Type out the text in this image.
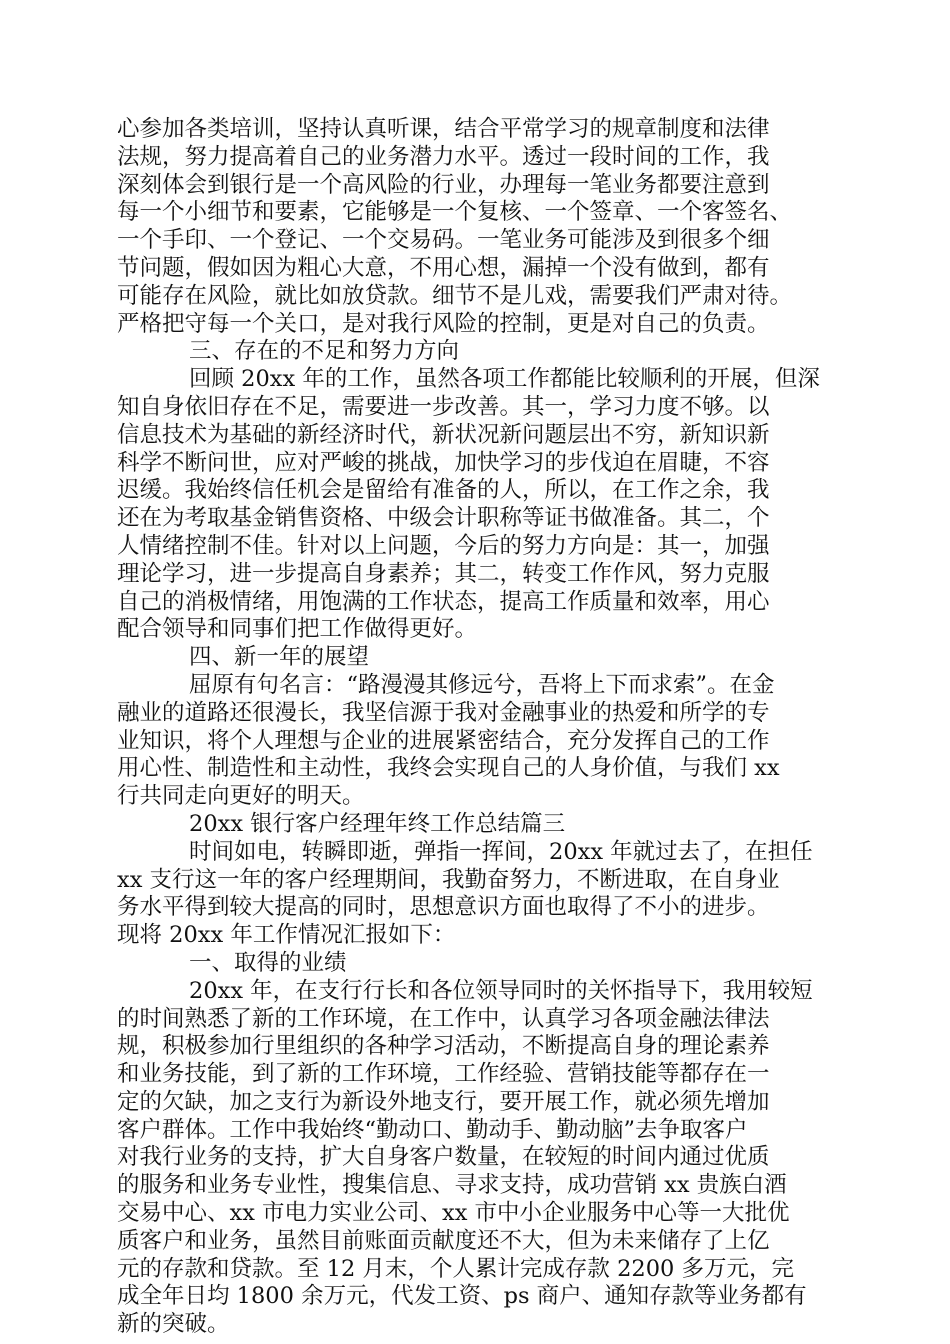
心参加各类培训，坚持认真听课，结合平常学习的规章制度和法律
法规，努力提高着自己的业务潜力水平。透过一段时间的工作，我
深刻体会到银行是一个高风险的行业，办理每一笔业务都要注意到
每一个小细节和要素，它能够是一个复核、一个签章、一个客签名、
一个手印、一个登记、一个交易码。一笔业务可能涉及到很多个细
节问题，假如因为粗心大意，不用心想，漏掉一个没有做到，都有
可能存在风险，就比如放贷款。细节不是儿戏，需要我们严肃对待。
严格把守每一个关口，是对我行风险的控制，更是对自己的负责。
三、存在的不足和努力方向
回顾 20xx 年的工作，虽然各项工作都能比较顺利的开展，但深
知自身依旧存在不足，需要进一步改善。其一，学习力度不够。以
信息技术为基础的新经济时代，新状况新问题层出不穷，新知识新
科学不断问世，应对严峻的挑战，加快学习的步伐迫在眉睫，不容
迟缓。我始终信任机会是留给有准备的人，所以，在工作之余，我
还在为考取基金销售资格、中级会计职称等证书做准备。其二，个
人情绪控制不佳。针对以上问题，今后的努力方向是：其一，加强
理论学习，进一步提高自身素养；其二，转变工作作风，努力克服
自己的消极情绪，用饱满的工作状态，提高工作质量和效率，用心
配合领导和同事们把工作做得更好。
四、新一年的展望
屈原有句名言：“路漫漫其修远兮，吾将上下而求索”。在金
融业的道路还很漫长，我坚信源于我对金融事业的热爱和所学的专
业知识，将个人理想与企业的进展紧密结合，充分发挥自己的工作
用心性、制造性和主动性，我终会实现自己的人身价值，与我们 xx
行共同走向更好的明天。
20xx 银行客户经理年终工作总结篇三
时间如电，转瞬即逝，弹指一挥间，20xx 年就过去了，在担任
xx 支行这一年的客户经理期间，我勤奋努力，不断进取，在自身业
务水平得到较大提高的同时，思想意识方面也取得了不小的进步。
现将 20xx 年工作情况汇报如下：
一、取得的业绩
20xx 年，在支行行长和各位领导同时的关怀指导下，我用较短
的时间熟悉了新的工作环境，在工作中，认真学习各项金融法律法
规，积极参加行里组织的各种学习活动，不断提高自身的理论素养
和业务技能，到了新的工作环境，工作经验、营销技能等都存在一
定的欠缺，加之支行为新设外地支行，要开展工作，就必须先增加
客户群体。工作中我始终“勤动口、勤动手、勤动脑”去争取客户
对我行业务的支持，扩大自身客户数量，在较短的时间内通过优质
的服务和业务专业性，搜集信息、寻求支持，成功营销 xx 贵族白酒
交易中心、xx 市电力实业公司、xx 市中小企业服务中心等一大批优
质客户和业务，虽然目前账面贡献度还不大，但为未来储存了上亿
元的存款和贷款。至 12 月末，个人累计完成存款 2200 多万元，完
成全年日均 1800 余万元，代发工资、ps 商户、通知存款等业务都有
新的突破。
